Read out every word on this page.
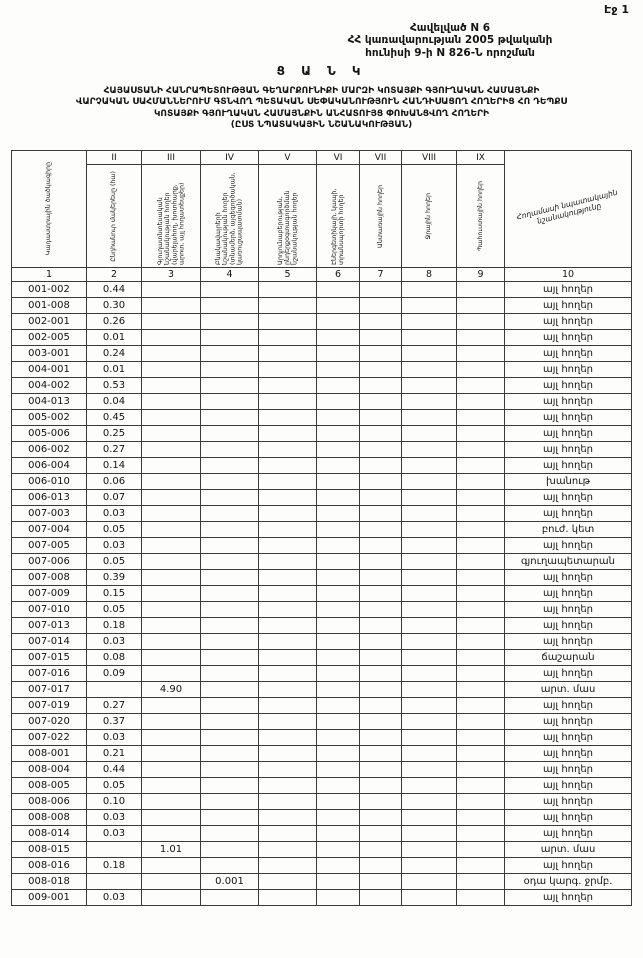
Էջ 1
Հավելված N 6
ՀՀ կառավարության 2005 թվականի
հունիսի 9-ի N 826-Ն որոշման
Ց Ա Ն Կ
ՀԱՅԱՍՏԱՆԻ ՀԱՆՐԱՊԵՏՈՒԹՅԱՆ ԳԵՂԱՐՔՈՒՆԻՔԻ ՄԱՐԶԻ ԿՈՏԱՅՔԻ ԳՅՈՒՂԱԿԱՆ ՀԱՄԱՅՆՔԻ
ՎԱՐՉԱԿԱՆ ՍԱՀՄԱՆՆԵՐՈՒՄ ԳՏՆՎՈՂ ՊԵՏԱԿԱՆ ՍԵՓԱԿԱՆՈՒԹՅՈՒՆ ՀԱՆԴԻՍԱՑՈՂ ՀՈՂԵՐԻՑ ՀՈ ԴԵՊՔՍ
ԿՈՏԱՅՔԻ ԳՅՈՒՂԱԿԱՆ ՀԱՄԱՅՆՔԻՆ ԱՆՀԱՏՈՒՅՑ ՓՈԽԱՆՑՎՈՂ ՀՈՂԵՐԻ
(ԸՍՏ ՆՊԱՏԱԿԱՅԻՆ ՆՇԱՆԱԿՈՒԹՅԱՆ)
Կադաստրային ծածկագիրը	II	III	IV	V	VI	VII	VIII	IX	Հողամասի նպատակային նշանակությունը

	Ընդհանուր մակերեսը (հա)	Գյուղատնտեսական նշանակության հողեր (վարելահող, խոտհարք, արոտ, այլ հողատեսքեր)	Բնակավայրերի նշանակության հողեր (տնամերձ, այգեգործական, կառուցապատման)	Արդյունաբերության, ընդերքօգտագործման նշանակության հողեր	Էներգետիկայի, կապի, տրանսպորտի հողեր	Անտառային հողեր	Ջրային հողեր	Պահուստային հողեր	

1	2	3	4	5	6	7	8	9	10
001-002	0.44								այլ հողեր
001-008	0.30								այլ հողեր
002-001	0.26								այլ հողեր
002-005	0.01								այլ հողեր
003-001	0.24								այլ հողեր
004-001	0.01								այլ հողեր
004-002	0.53								այլ հողեր
004-013	0.04								այլ հողեր
005-002	0.45								այլ հողեր
005-006	0.25								այլ հողեր
006-002	0.27								այլ հողեր
006-004	0.14								այլ հողեր
006-010	0.06								խանութ
006-013	0.07								այլ հողեր
007-003	0.03								այլ հողեր
007-004	0.05								բուժ. կետ
007-005	0.03								այլ հողեր
007-006	0.05								գյուղապետարան
007-008	0.39								այլ հողեր
007-009	0.15								այլ հողեր
007-010	0.05								այլ հողեր
007-013	0.18								այլ հողեր
007-014	0.03								այլ հողեր
007-015	0.08								ճաշարան
007-016	0.09								այլ հողեր
007-017		4.90							արտ. մաս
007-019	0.27								այլ հողեր
007-020	0.37								այլ հողեր
007-022	0.03								այլ հողեր
008-001	0.21								այլ հողեր
008-004	0.44								այլ հողեր
008-005	0.05								այլ հողեր
008-006	0.10								այլ հողեր
008-008	0.03								այլ հողեր
008-014	0.03								այլ հողեր
008-015		1.01							արտ. մաս
008-016	0.18								այլ հողեր
008-018			0.001						օդա կարգ. ջրմբ.
009-001	0.03								այլ հողեր
